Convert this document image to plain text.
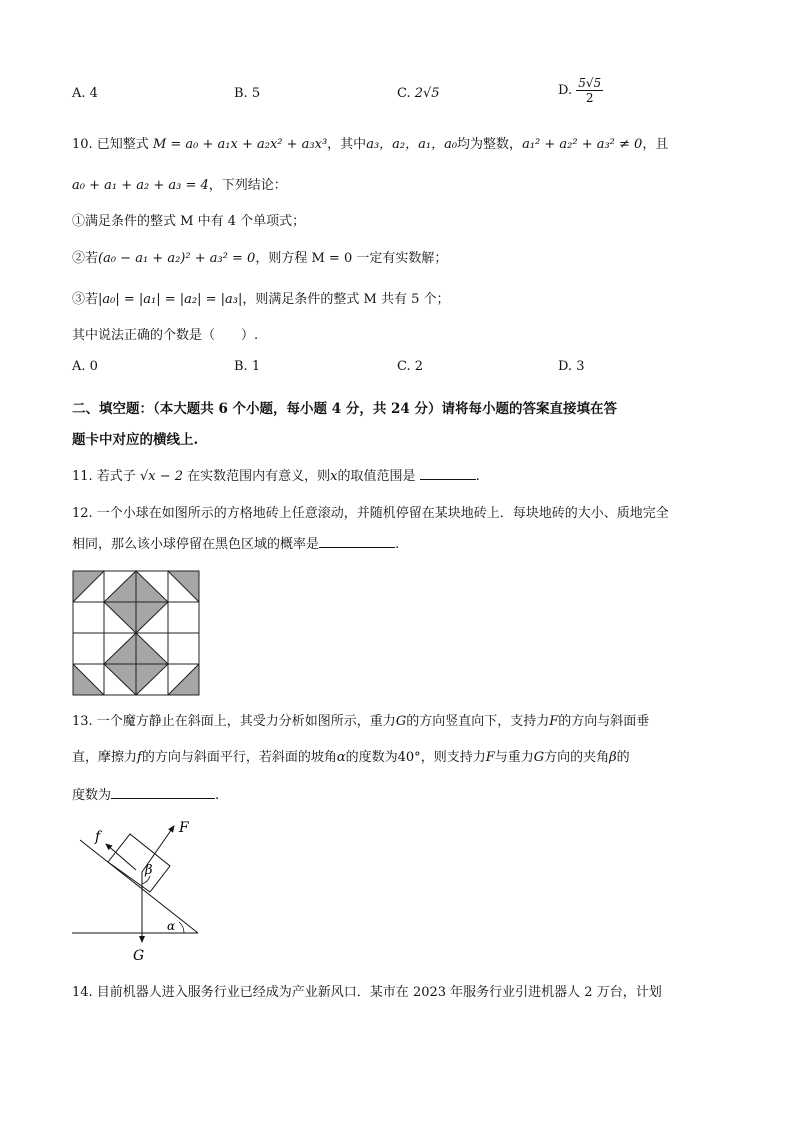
A. 4	B. 5	C. 2√5	D. $\frac{5√5}{2}$
10. 已知整式 M = a₀ + a₁x + a₂x² + a₃x³，其中a₃，a₂，a₁，a₀均为整数，a₁² + a₂² + a₃² ≠ 0，且
a₀ + a₁ + a₂ + a₃ = 4，下列结论：
①满足条件的整式 M 中有 4 个单项式；
②若(a₀ − a₁ + a₂)² + a₃² = 0，则方程 M = 0 一定有实数解；
③若|a₀| = |a₁| = |a₂| = |a₃|，则满足条件的整式 M 共有 5 个；
其中说法正确的个数是（　　）.
A. 0	B. 1	C. 2	D. 3
二、填空题：（本大题共 6 个小题，每小题 4 分，共 24 分）请将每小题的答案直接填在答
题卡中对应的横线上.
11. 若式子 √x − 2 在实数范围内有意义，则x的取值范围是	.
12. 一个小球在如图所示的方格地砖上任意滚动，并随机停留在某块地砖上．每块地砖的大小、质地完全
相同，那么该小球停留在黑色区域的概率是	.
13. 一个魔方静止在斜面上，其受力分析如图所示，重力G的方向竖直向下，支持力F的方向与斜面垂
直，摩擦力f的方向与斜面平行，若斜面的坡角α的度数为40°，则支持力F与重力G方向的夹角β的
度数为	.
f
F
β
α
G
14. 目前机器人进入服务行业已经成为产业新风口．某市在 2023 年服务行业引进机器人 2 万台，计划
